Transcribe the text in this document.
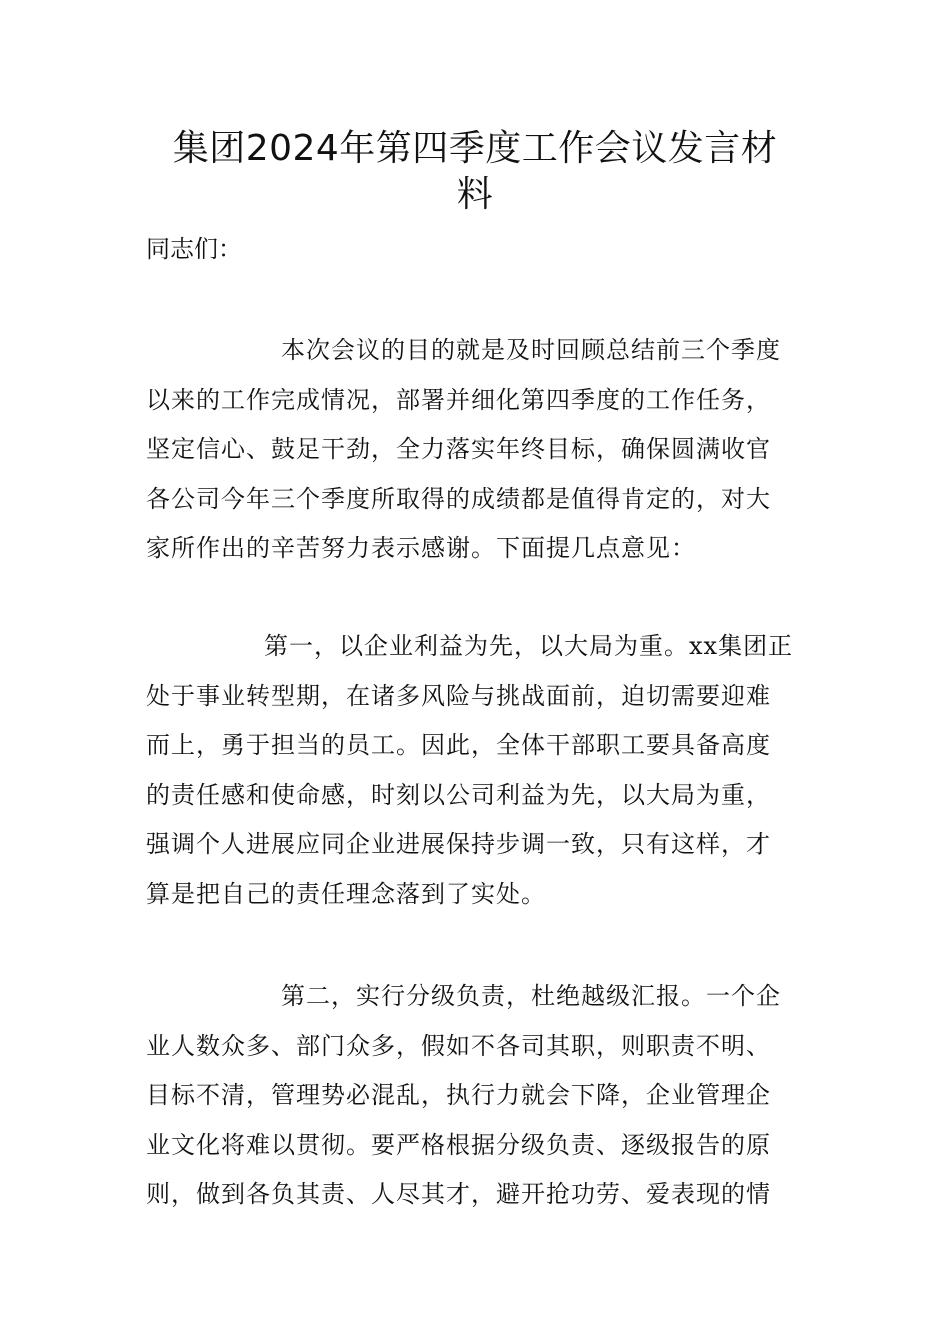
集团2024年第四季度工作会议发言材
料

同志们：

本次会议的目的就是及时回顾总结前三个季度
以来的工作完成情况，部署并细化第四季度的工作任务，
坚定信心、鼓足干劲，全力落实年终目标，确保圆满收官
各公司今年三个季度所取得的成绩都是值得肯定的，对大
家所作出的辛苦努力表示感谢。下面提几点意见：
第一，以企业利益为先，以大局为重。xx集团正
处于事业转型期，在诸多风险与挑战面前，迫切需要迎难
而上，勇于担当的员工。因此，全体干部职工要具备高度
的责任感和使命感，时刻以公司利益为先，以大局为重，
强调个人进展应同企业进展保持步调一致，只有这样，才
算是把自己的责任理念落到了实处。
第二，实行分级负责，杜绝越级汇报。一个企
业人数众多、部门众多，假如不各司其职，则职责不明、
目标不清，管理势必混乱，执行力就会下降，企业管理企
业文化将难以贯彻。要严格根据分级负责、逐级报告的原
则，做到各负其责、人尽其才，避开抢功劳、爱表现的情
